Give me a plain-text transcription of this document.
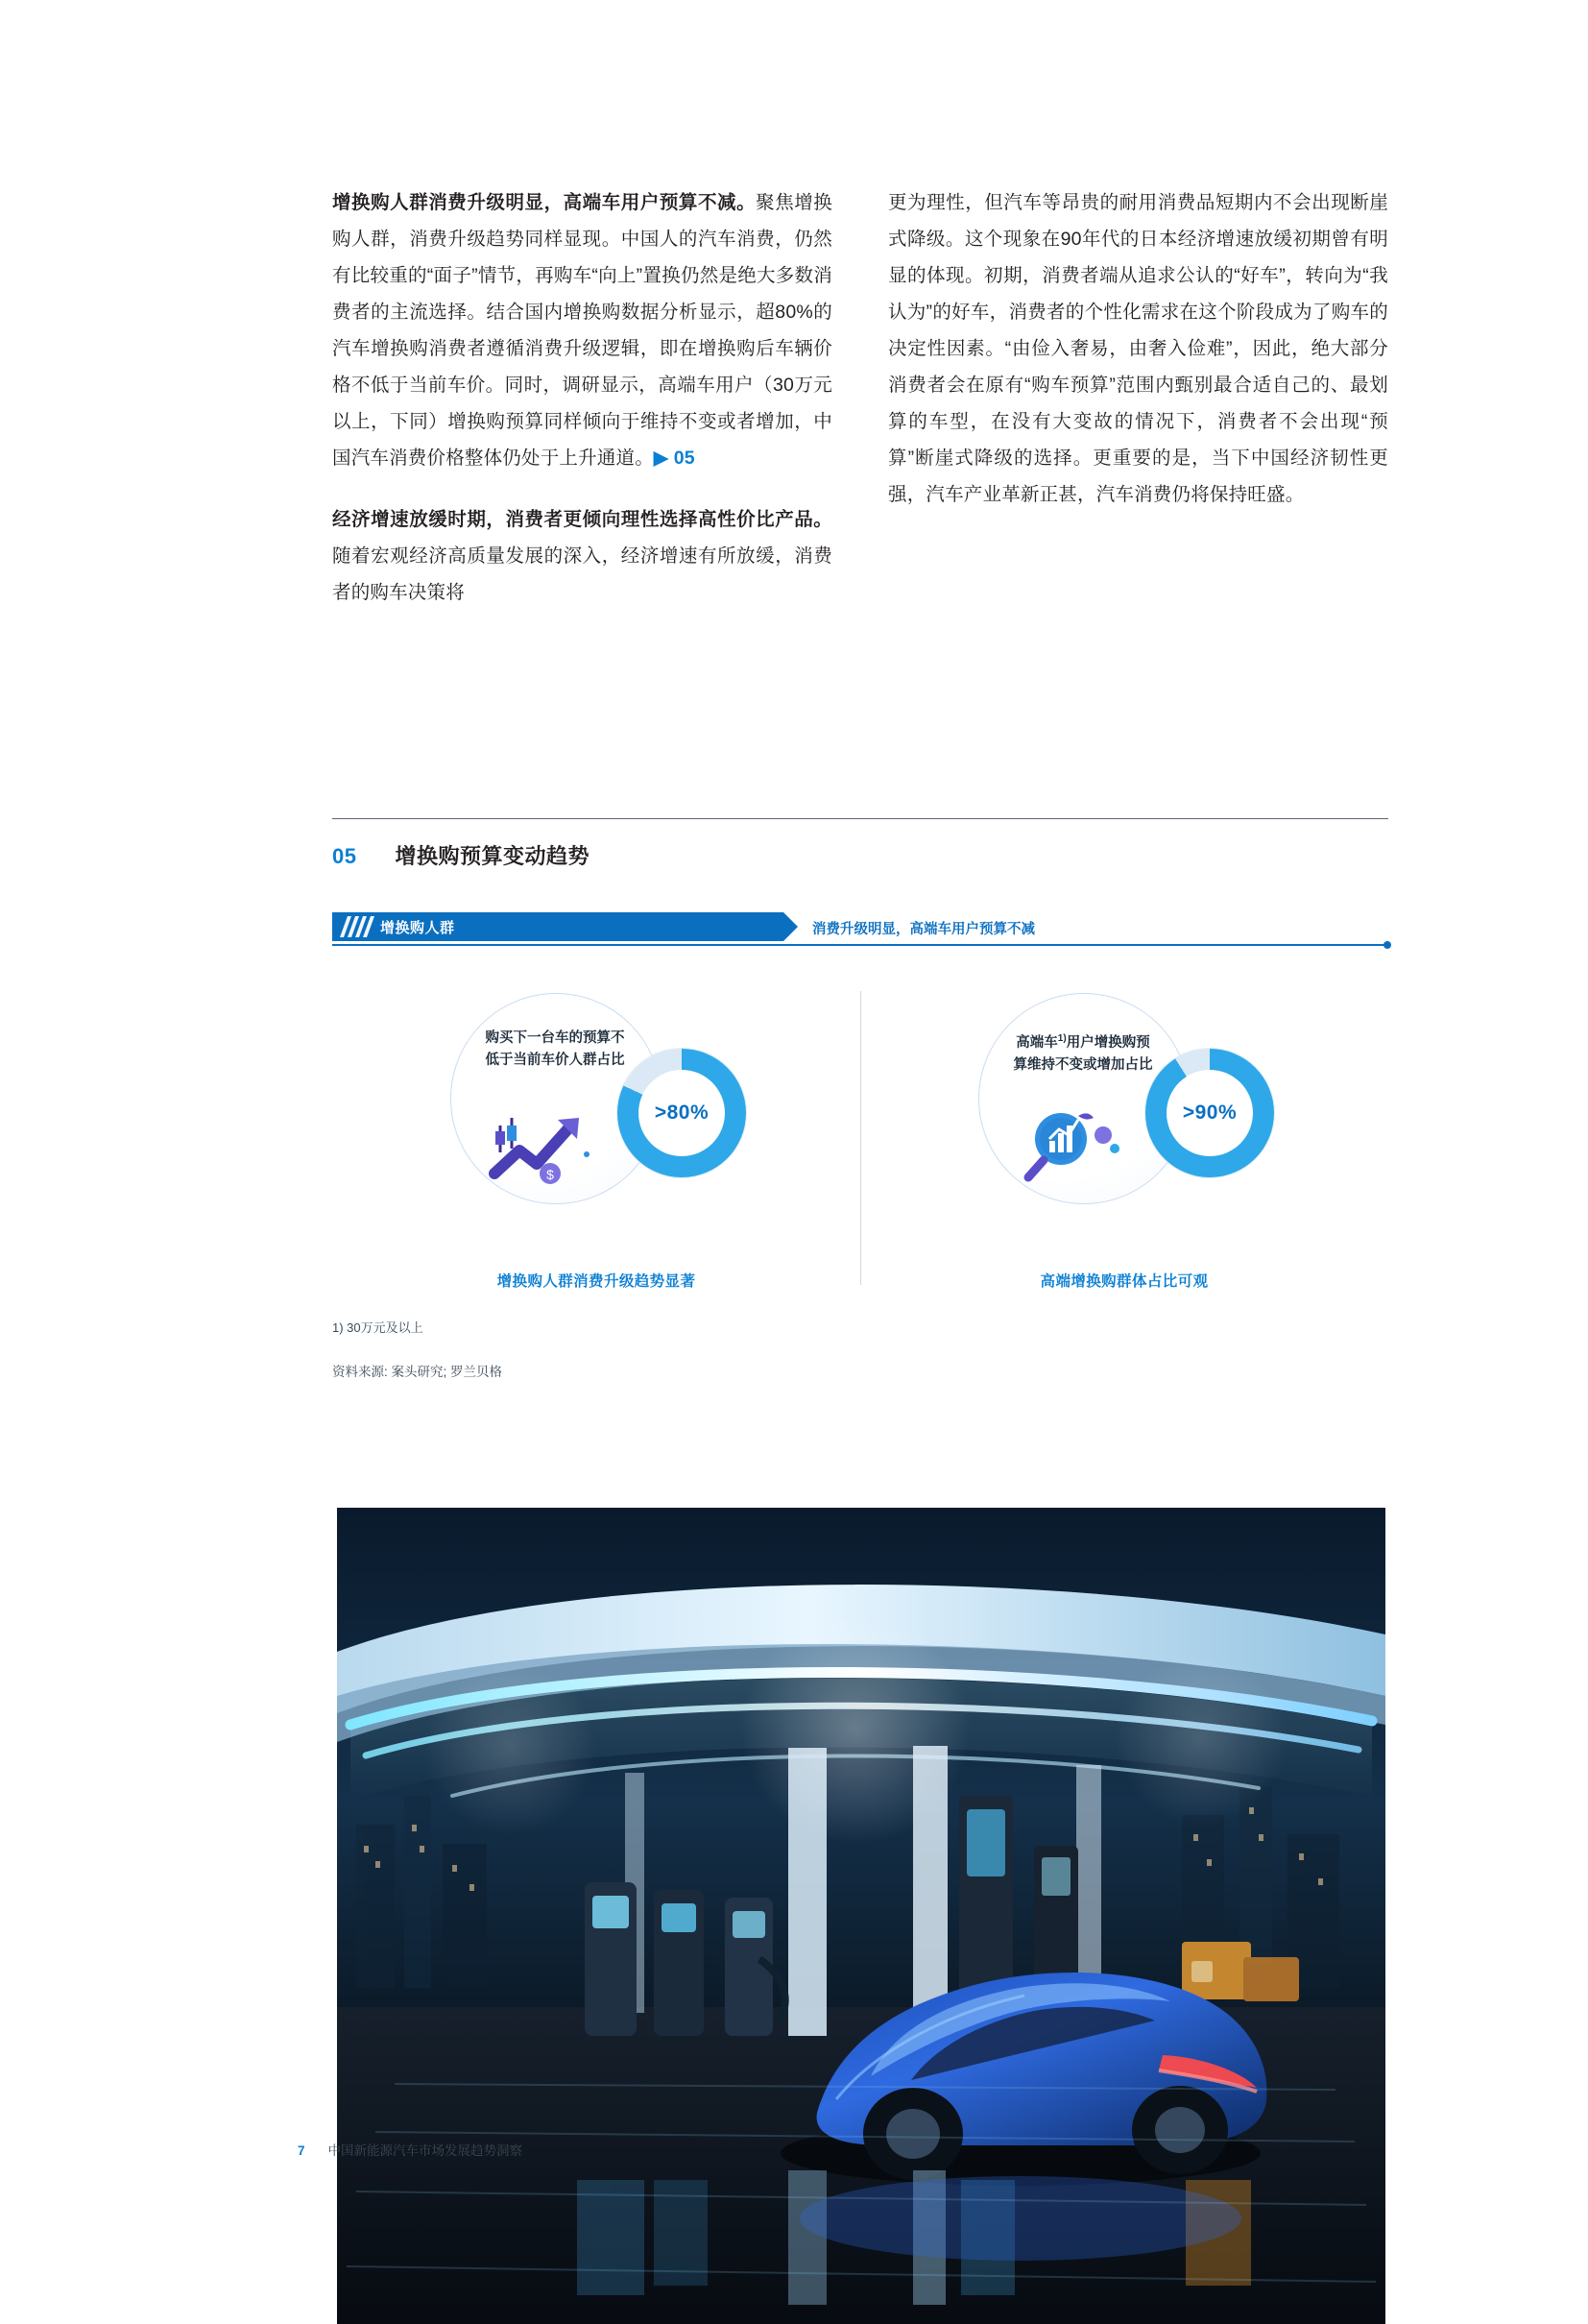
增换购人群消费升级明显，高端车用户预算不减。聚焦增换购人群，消费升级趋势同样显现。中国人的汽车消费，仍然有比较重的“面子”情节，再购车“向上”置换仍然是绝大多数消费者的主流选择。结合国内增换购数据分析显示，超80%的汽车增换购消费者遵循消费升级逻辑，即在增换购后车辆价格不低于当前车价。同时，调研显示，高端车用户（30万元以上，下同）增换购预算同样倾向于维持不变或者增加，中国汽车消费价格整体仍处于上升通道。▶ 05

经济增速放缓时期，消费者更倾向理性选择高性价比产品。随着宏观经济高质量发展的深入，经济增速有所放缓，消费者的购车决策将

更为理性，但汽车等昂贵的耐用消费品短期内不会出现断崖式降级。这个现象在90年代的日本经济增速放缓初期曾有明显的体现。初期，消费者端从追求公认的“好车”，转向为“我认为”的好车，消费者的个性化需求在这个阶段成为了购车的决定性因素。“由俭入奢易，由奢入俭难”，因此，绝大部分消费者会在原有“购车预算”范围内甄别最合适自己的、最划算的车型，在没有大变故的情况下，消费者不会出现“预算”断崖式降级的选择。更重要的是，当下中国经济韧性更强，汽车产业革新正甚，汽车消费仍将保持旺盛。

05 增换购预算变动趋势
增换购人群	消费升级明显，高端车用户预算不减
购买下一台车的预算不低于当前车价人群占比
$
>80%
增换购人群消费升级趋势显著
高端车$^{1)}$用户增换购预算维持不变或增加占比
>90%
高端增换购群体占比可观
1) 30万元及以上
资料来源: 案头研究; 罗兰贝格
7 中国新能源汽车市场发展趋势洞察
